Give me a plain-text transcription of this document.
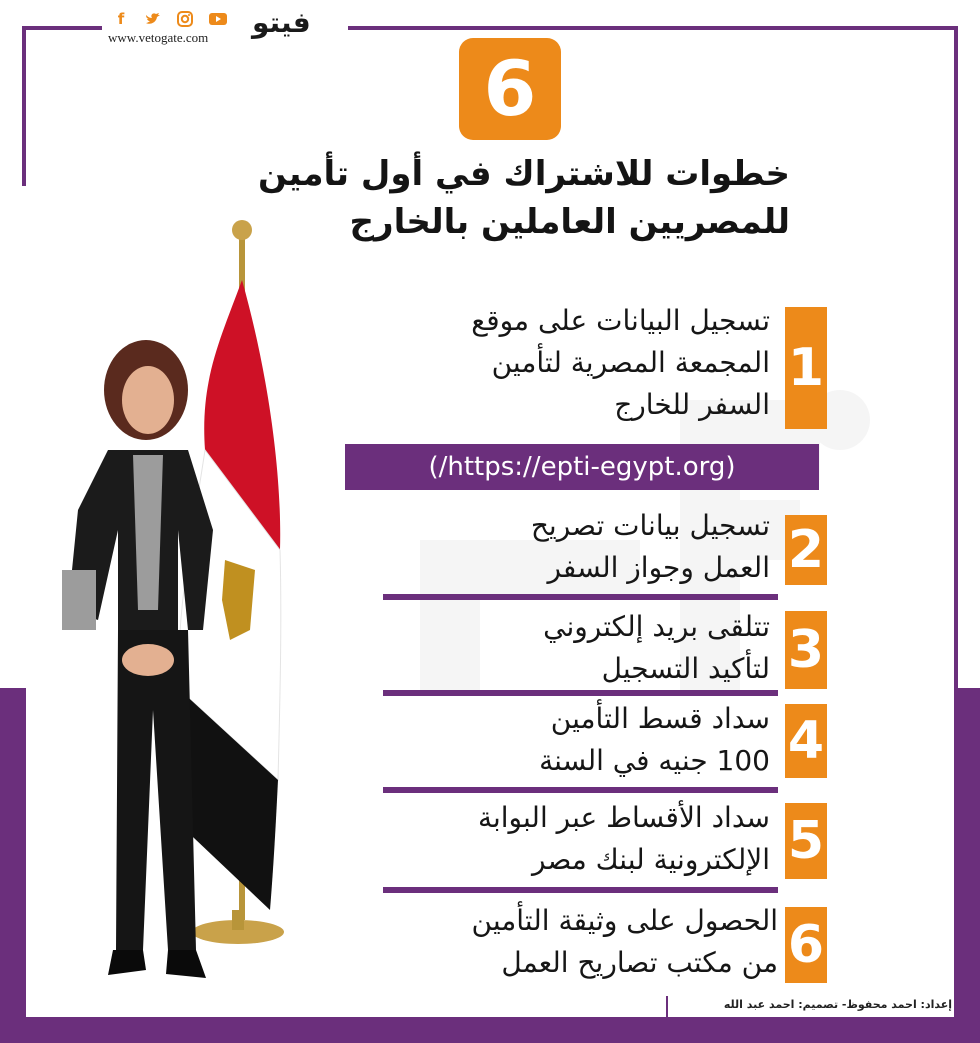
f
www.vetogate.com فيتو
6
خطوات للاشتراك في أول تأمين
للمصريين العاملين بالخارج
1
تسجيل البيانات على موقع
المجمعة المصرية لتأمين
السفر للخارج
(/https://epti-egypt.org)
2
تسجيل بيانات تصريح
العمل وجواز السفر
3
تتلقى بريد إلكتروني
لتأكيد التسجيل
4
سداد قسط التأمين
100 جنيه في السنة
5
سداد الأقساط عبر البوابة
الإلكترونية لبنك مصر
6
الحصول على وثيقة التأمين
من مكتب تصاريح العمل
إعداد: احمد محفوظ- تصميم: احمد عبد الله
